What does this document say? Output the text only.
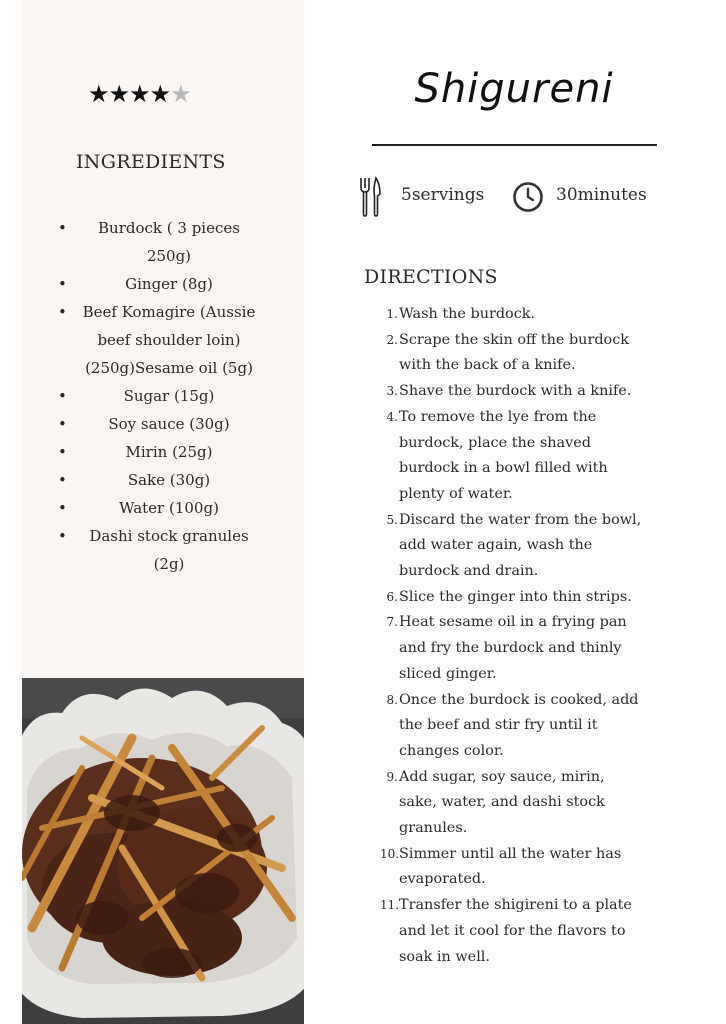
★★★★★
INGREDIENTS
• Burdock ( 3 pieces 250g)
• Ginger (8g)
• Beef Komagire (Aussie beef shoulder loin) (250g)Sesame oil (5g)
• Sugar (15g)
• Soy sauce (30g)
• Mirin (25g)
• Sake (30g)
• Water (100g)
• Dashi stock granules (2g)
Shigureni
5servings	30minutes
DIRECTIONS
1. Wash the burdock.
2. Scrape the skin off the burdock with the back of a knife.
3. Shave the burdock with a knife.
4. To remove the lye from the burdock, place the shaved burdock in a bowl filled with plenty of water.
5. Discard the water from the bowl, add water again, wash the burdock and drain.
6. Slice the ginger into thin strips.
7. Heat sesame oil in a frying pan and fry the burdock and thinly sliced ginger.
8. Once the burdock is cooked, add the beef and stir fry until it changes color.
9. Add sugar, soy sauce, mirin, sake, water, and dashi stock granules.
10. Simmer until all the water has evaporated.
11. Transfer the shigireni to a plate and let it cool for the flavors to soak in well.
